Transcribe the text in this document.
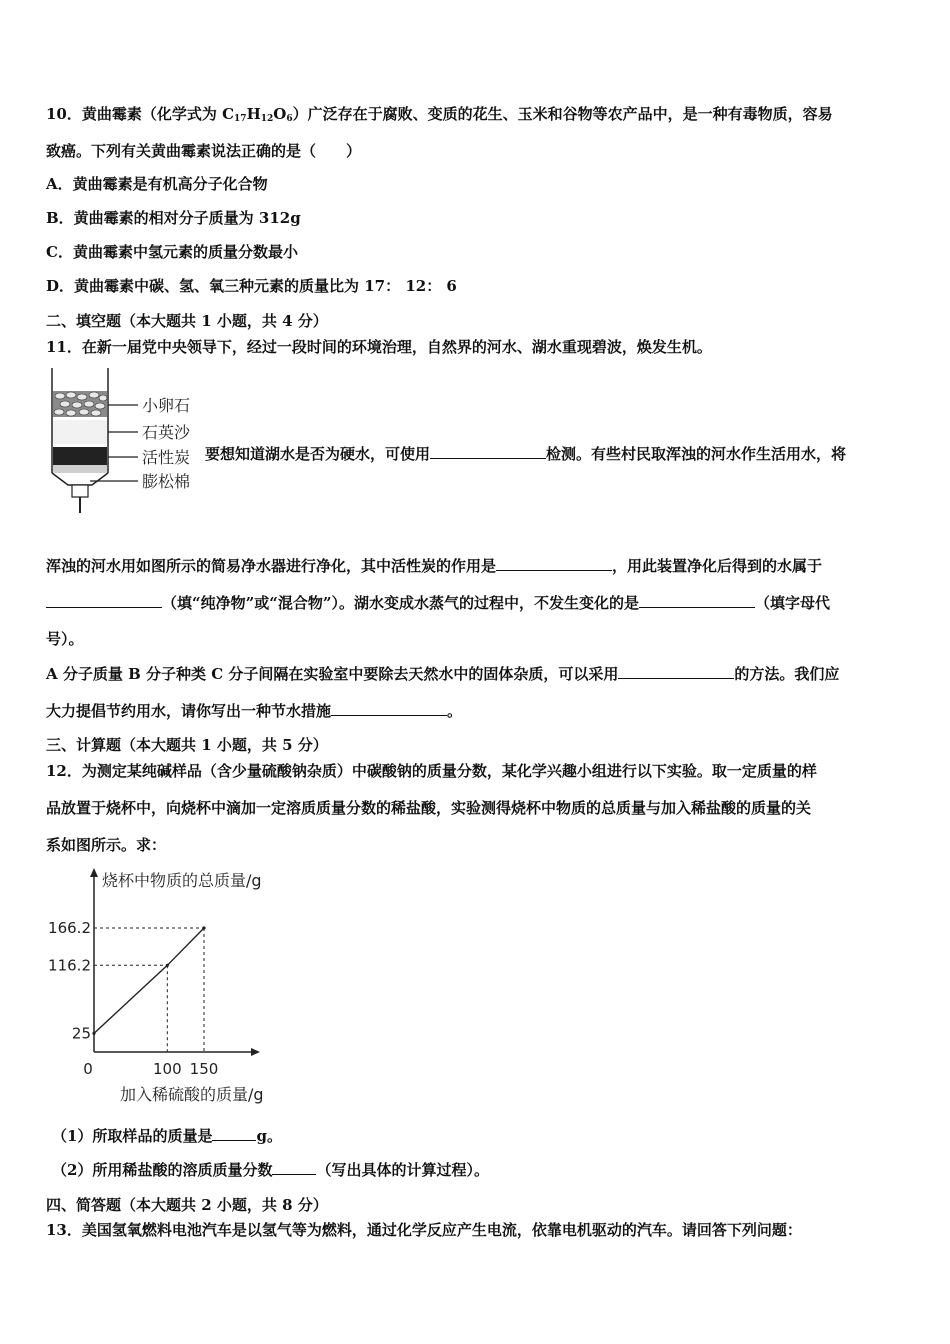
10．黄曲霉素（化学式为 $C_{17}H_{12}O_6$）广泛存在于腐败、变质的花生、玉米和谷物等农产品中，是一种有毒物质，容易
致癌。下列有关黄曲霉素说法正确的是（　　）
A．黄曲霉素是有机高分子化合物
B．黄曲霉素的相对分子质量为 312g
C．黄曲霉素中氢元素的质量分数最小
D．黄曲霉素中碳、氢、氧三种元素的质量比为 17： 12： 6
二、填空题（本大题共 1 小题，共 4 分）
11．在新一届党中央领导下，经过一段时间的环境治理，自然界的河水、湖水重现碧波，焕发生机。
小卵石
石英沙
活性炭
膨松棉
要想知道湖水是否为硬水，可使用	检测。有些村民取浑浊的河水作生活用水，将
浑浊的河水用如图所示的简易净水器进行净化，其中活性炭的作用是	，用此装置净化后得到的水属于
（填“纯净物”或“混合物”）。湖水变成水蒸气的过程中，不发生变化的是	（填字母代
号）。
A 分子质量 B 分子种类 C 分子间隔在实验室中要除去天然水中的固体杂质，可以采用	的方法。我们应
大力提倡节约用水，请你写出一种节水措施	。
三、计算题（本大题共 1 小题，共 5 分）
12．为测定某纯碱样品（含少量硫酸钠杂质）中碳酸钠的质量分数，某化学兴趣小组进行以下实验。取一定质量的样
品放置于烧杯中，向烧杯中滴加一定溶质质量分数的稀盐酸，实验测得烧杯中物质的总质量与加入稀盐酸的质量的关
系如图所示。求：
烧杯中物质的总质量/g
加入稀硫酸的质量/g
0	100 150
25
116.2
166.2
（1）所取样品的质量是	g。
（2）所用稀盐酸的溶质质量分数	（写出具体的计算过程）。
四、简答题（本大题共 2 小题，共 8 分）
13．美国氢氧燃料电池汽车是以氢气等为燃料，通过化学反应产生电流，依靠电机驱动的汽车。请回答下列问题：
